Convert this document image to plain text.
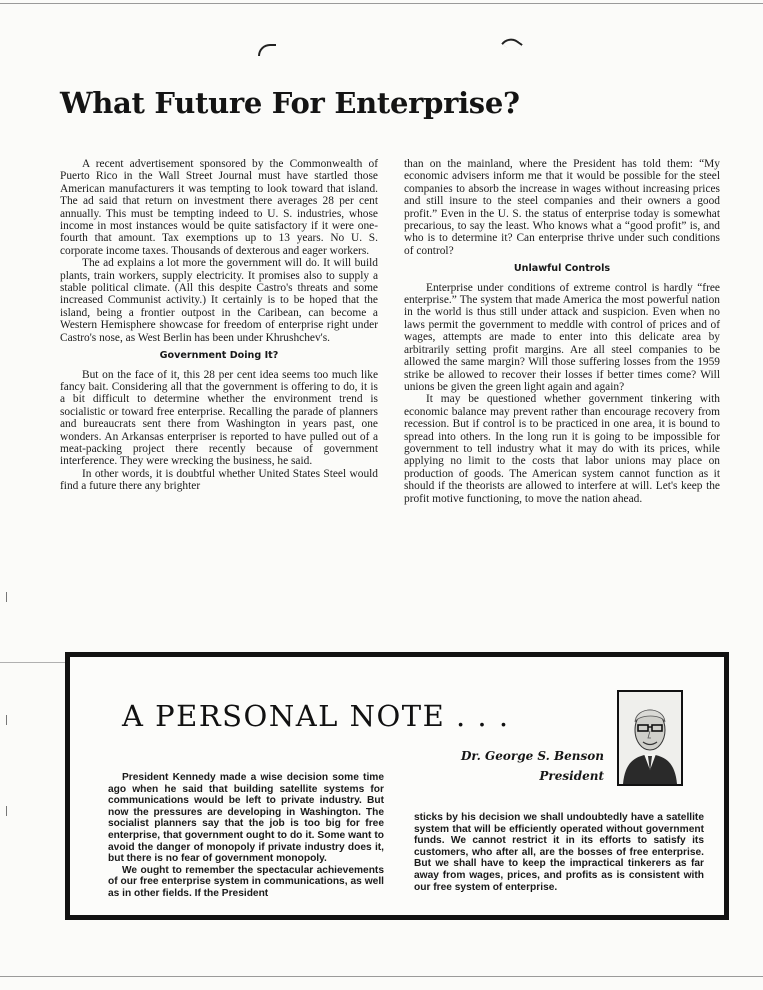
What Future For Enterprise?

A recent advertisement sponsored by the Commonwealth of Puerto Rico in the Wall Street Journal must have startled those American manufacturers it was tempting to look toward that island. The ad said that return on investment there averages 28 per cent annually. This must be tempting indeed to U. S. industries, whose income in most instances would be quite satisfactory if it were one-fourth that amount. Tax exemptions up to 13 years. No U. S. corporate income taxes. Thousands of dexterous and eager workers.

The ad explains a lot more the government will do. It will build plants, train workers, supply electricity. It promises also to supply a stable political climate. (All this despite Castro's threats and some increased Communist activity.) It certainly is to be hoped that the island, being a frontier outpost in the Caribean, can become a Western Hemisphere showcase for freedom of enterprise right under Castro's nose, as West Berlin has been under Khrushchev's.

Government Doing It?

But on the face of it, this 28 per cent idea seems too much like fancy bait. Considering all that the government is offering to do, it is a bit difficult to determine whether the environment trend is socialistic or toward free enterprise. Recalling the parade of planners and bureaucrats sent there from Washington in years past, one wonders. An Arkansas enterpriser is reported to have pulled out of a meat-packing project there recently because of government interference. They were wrecking the business, he said.

In other words, it is doubtful whether United States Steel would find a future there any brighter

than on the mainland, where the President has told them: “My economic advisers inform me that it would be possible for the steel companies to absorb the increase in wages without increasing prices and still insure to the steel companies and their owners a good profit.” Even in the U. S. the status of enterprise today is somewhat precarious, to say the least. Who knows what a “good profit” is, and who is to determine it? Can enterprise thrive under such conditions of control?

Unlawful Controls

Enterprise under conditions of extreme control is hardly “free enterprise.” The system that made America the most powerful nation in the world is thus still under attack and suspicion. Even when no laws permit the government to meddle with control of prices and of wages, attempts are made to enter into this delicate area by arbitrarily setting profit margins. Are all steel companies to be allowed the same margin? Will those suffering losses from the 1959 strike be allowed to recover their losses if better times come? Will unions be given the green light again and again?

It may be questioned whether government tinkering with economic balance may prevent rather than encourage recovery from recession. But if control is to be practiced in one area, it is bound to spread into others. In the long run it is going to be impossible for government to tell industry what it may do with its prices, while applying no limit to the costs that labor unions may place on production of goods. The American system cannot function as it should if the theorists are allowed to interfere at will. Let's keep the profit motive functioning, to move the nation ahead.

A PERSONAL NOTE . . .
Dr. George S. Benson
President

President Kennedy made a wise decision some time ago when he said that building satellite systems for communications would be left to private industry. But now the pressures are developing in Washington. The socialist planners say that the job is too big for free enterprise, that government ought to do it. Some want to avoid the danger of monopoly if private industry does it, but there is no fear of government monopoly.

We ought to remember the spectacular achievements of our free enterprise system in communications, as well as in other fields. If the President

sticks by his decision we shall undoubtedly have a satellite system that will be efficiently operated without government funds. We cannot restrict it in its efforts to satisfy its customers, who after all, are the bosses of free enterprise. But we shall have to keep the impractical tinkerers as far away from wages, prices, and profits as is consistent with our free system of enterprise.
